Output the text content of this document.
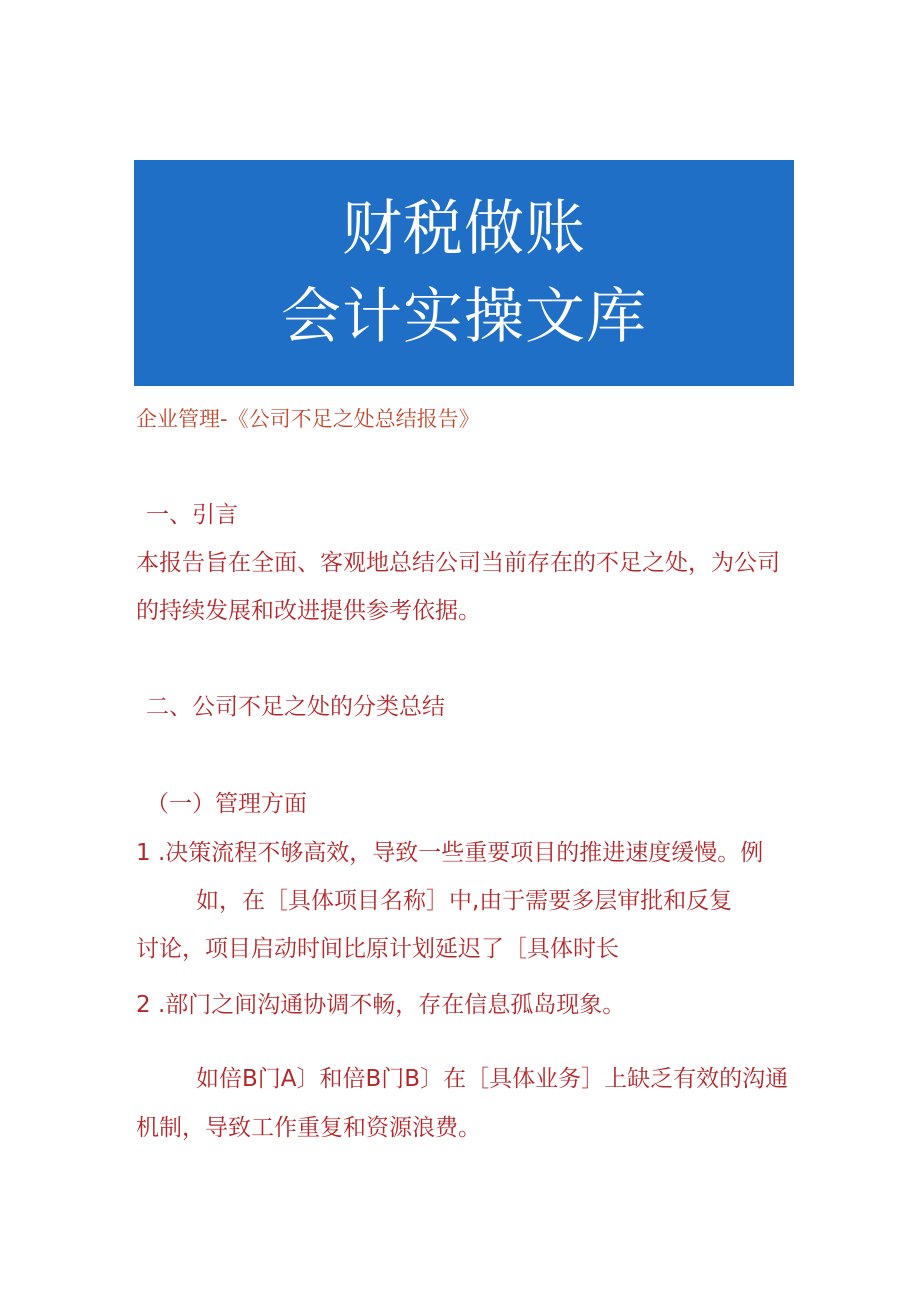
财税做账
会计实操文库
企业管理-《公司不足之处总结报告》
一、引言
本报告旨在全面、客观地总结公司当前存在的不足之处，为公司
的持续发展和改进提供参考依据。
二、公司不足之处的分类总结
（一）管理方面
1 .决策流程不够高效，导致一些重要项目的推进速度缓慢。例
如，在［具体项目名称］中,由于需要多层审批和反复
讨论，项目启动时间比原计划延迟了［具体时长
2 .部门之间沟通协调不畅，存在信息孤岛现象。
如倍B门A〕和倍B门B〕在［具体业务］上缺乏有效的沟通
机制，导致工作重复和资源浪费。
